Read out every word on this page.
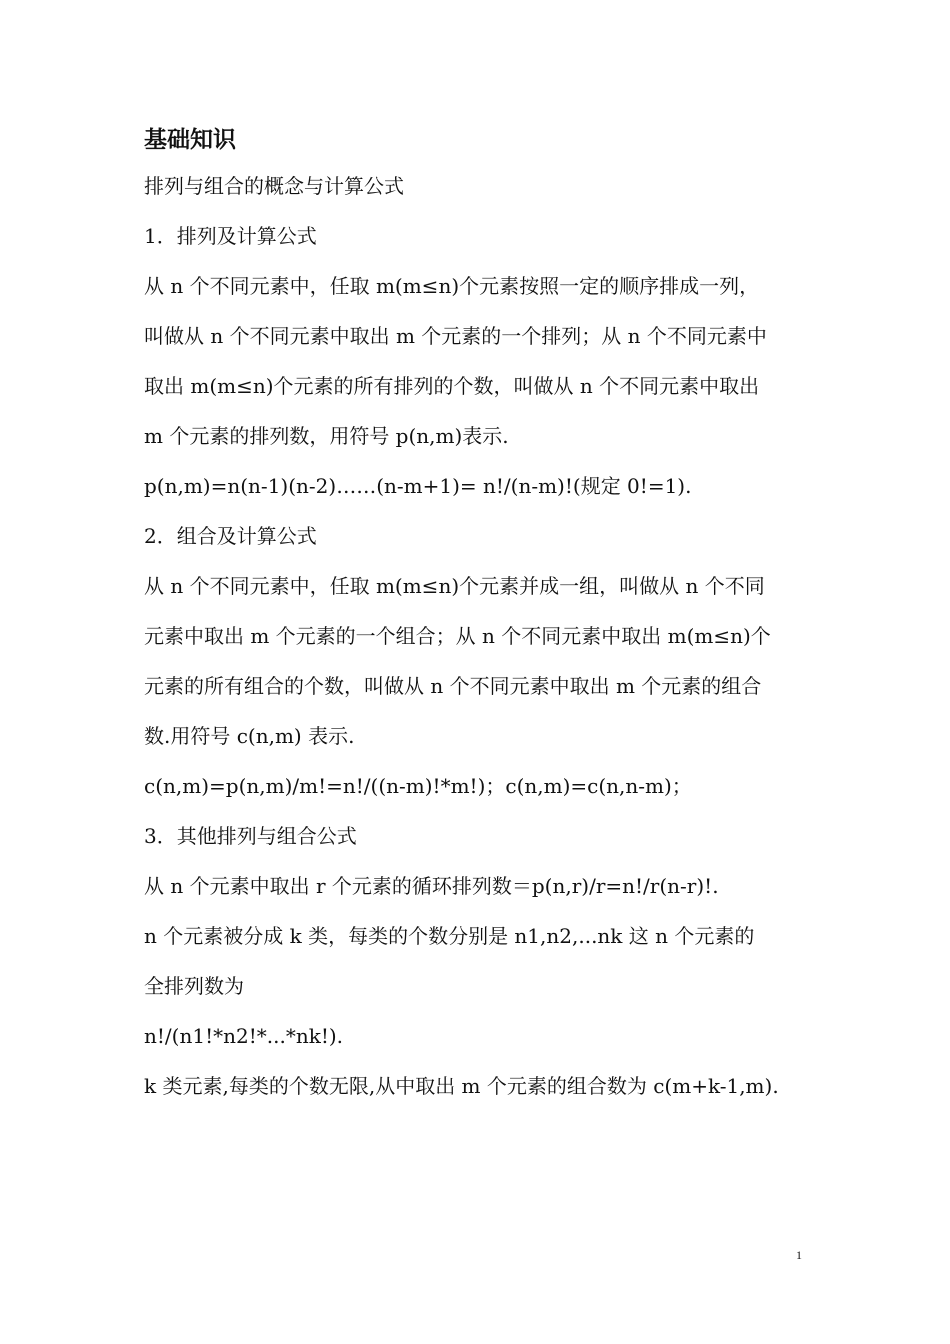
基础知识
排列与组合的概念与计算公式
1．排列及计算公式
从 n 个不同元素中，任取 m(m≤n)个元素按照一定的顺序排成一列，
叫做从 n 个不同元素中取出 m 个元素的一个排列；从 n 个不同元素中
取出 m(m≤n)个元素的所有排列的个数，叫做从 n 个不同元素中取出
m 个元素的排列数，用符号 p(n,m)表示.
p(n,m)=n(n-1)(n-2)……(n-m+1)= n!/(n-m)!(规定 0!=1).
2．组合及计算公式
从 n 个不同元素中，任取 m(m≤n)个元素并成一组，叫做从 n 个不同
元素中取出 m 个元素的一个组合；从 n 个不同元素中取出 m(m≤n)个
元素的所有组合的个数，叫做从 n 个不同元素中取出 m 个元素的组合
数.用符号 c(n,m) 表示.
c(n,m)=p(n,m)/m!=n!/((n-m)!*m!)；c(n,m)=c(n,n-m)；
3．其他排列与组合公式
从 n 个元素中取出 r 个元素的循环排列数＝p(n,r)/r=n!/r(n-r)!.
n 个元素被分成 k 类，每类的个数分别是 n1,n2,...nk 这 n 个元素的
全排列数为
n!/(n1!*n2!*...*nk!).
k 类元素,每类的个数无限,从中取出 m 个元素的组合数为 c(m+k-1,m).
1
